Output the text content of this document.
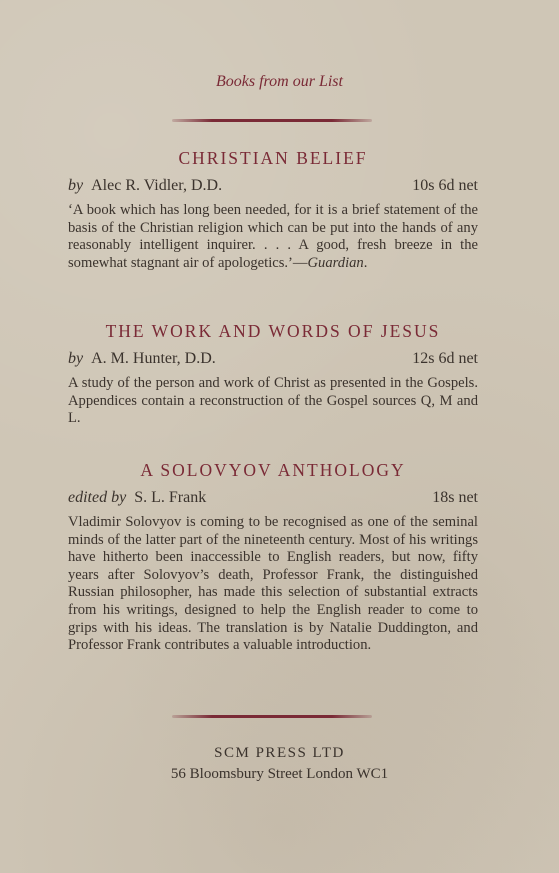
Books from our List
CHRISTIAN BELIEF
by Alec R. Vidler, D.D.	10s 6d net
‘A book which has long been needed, for it is a brief statement of the basis of the Christian religion which can be put into the hands of any reasonably intelligent inquirer. . . . A good, fresh breeze in the somewhat stagnant air of apologetics.’—Guardian.
THE WORK AND WORDS OF JESUS
by A. M. Hunter, D.D.	12s 6d net
A study of the person and work of Christ as presented in the Gospels. Appendices contain a reconstruction of the Gospel sources Q, M and L.
A SOLOVYOV ANTHOLOGY
edited by S. L. Frank	18s net
Vladimir Solovyov is coming to be recognised as one of the seminal minds of the latter part of the nineteenth century. Most of his writings have hitherto been inaccessible to English readers, but now, fifty years after Solovyov’s death, Professor Frank, the distinguished Russian philosopher, has made this selection of substantial extracts from his writings, designed to help the English reader to come to grips with his ideas. The translation is by Natalie Duddington, and Professor Frank contributes a valuable introduction.
SCM PRESS LTD
56 Bloomsbury Street London WC1
